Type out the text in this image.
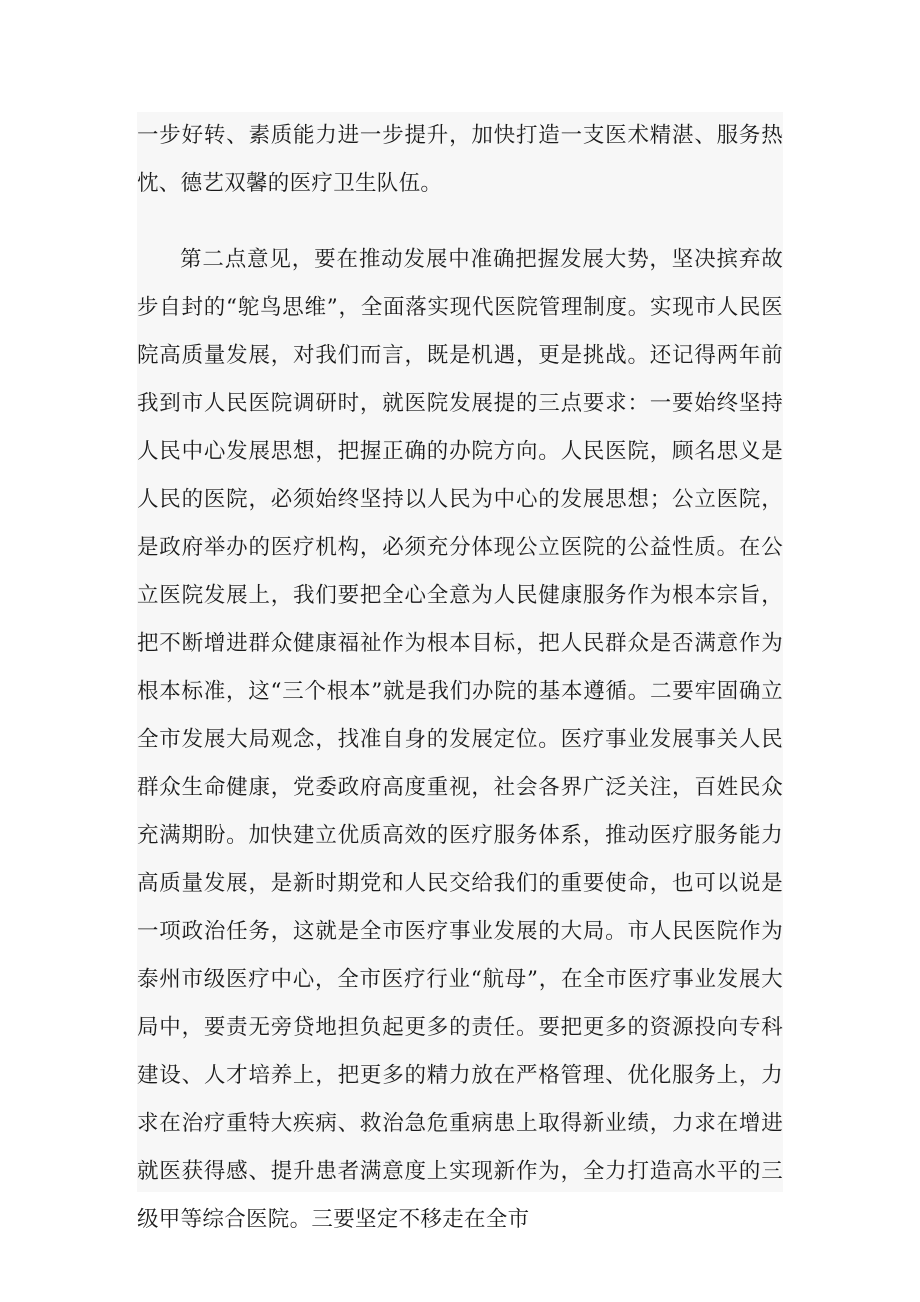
一步好转、素质能力进一步提升，加快打造一支医术精湛、服务热忱、德艺双馨的医疗卫生队伍。

第二点意见，要在推动发展中准确把握发展大势，坚决摈弃故步自封的“鸵鸟思维”，全面落实现代医院管理制度。实现市人民医院高质量发展，对我们而言，既是机遇，更是挑战。还记得两年前我到市人民医院调研时，就医院发展提的三点要求：一要始终坚持人民中心发展思想，把握正确的办院方向。人民医院，顾名思义是人民的医院，必须始终坚持以人民为中心的发展思想；公立医院，是政府举办的医疗机构，必须充分体现公立医院的公益性质。在公立医院发展上，我们要把全心全意为人民健康服务作为根本宗旨，把不断增进群众健康福祉作为根本目标，把人民群众是否满意作为根本标准，这“三个根本”就是我们办院的基本遵循。二要牢固确立全市发展大局观念，找准自身的发展定位。医疗事业发展事关人民群众生命健康，党委政府高度重视，社会各界广泛关注，百姓民众充满期盼。加快建立优质高效的医疗服务体系，推动医疗服务能力高质量发展，是新时期党和人民交给我们的重要使命，也可以说是一项政治任务，这就是全市医疗事业发展的大局。市人民医院作为泰州市级医疗中心，全市医疗行业“航母”，在全市医疗事业发展大局中，要责无旁贷地担负起更多的责任。要把更多的资源投向专科建设、人才培养上，把更多的精力放在严格管理、优化服务上，力求在治疗重特大疾病、救治急危重病患上取得新业绩，力求在增进就医获得感、提升患者满意度上实现新作为，全力打造高水平的三级甲等综合医院。三要坚定不移走在全市
